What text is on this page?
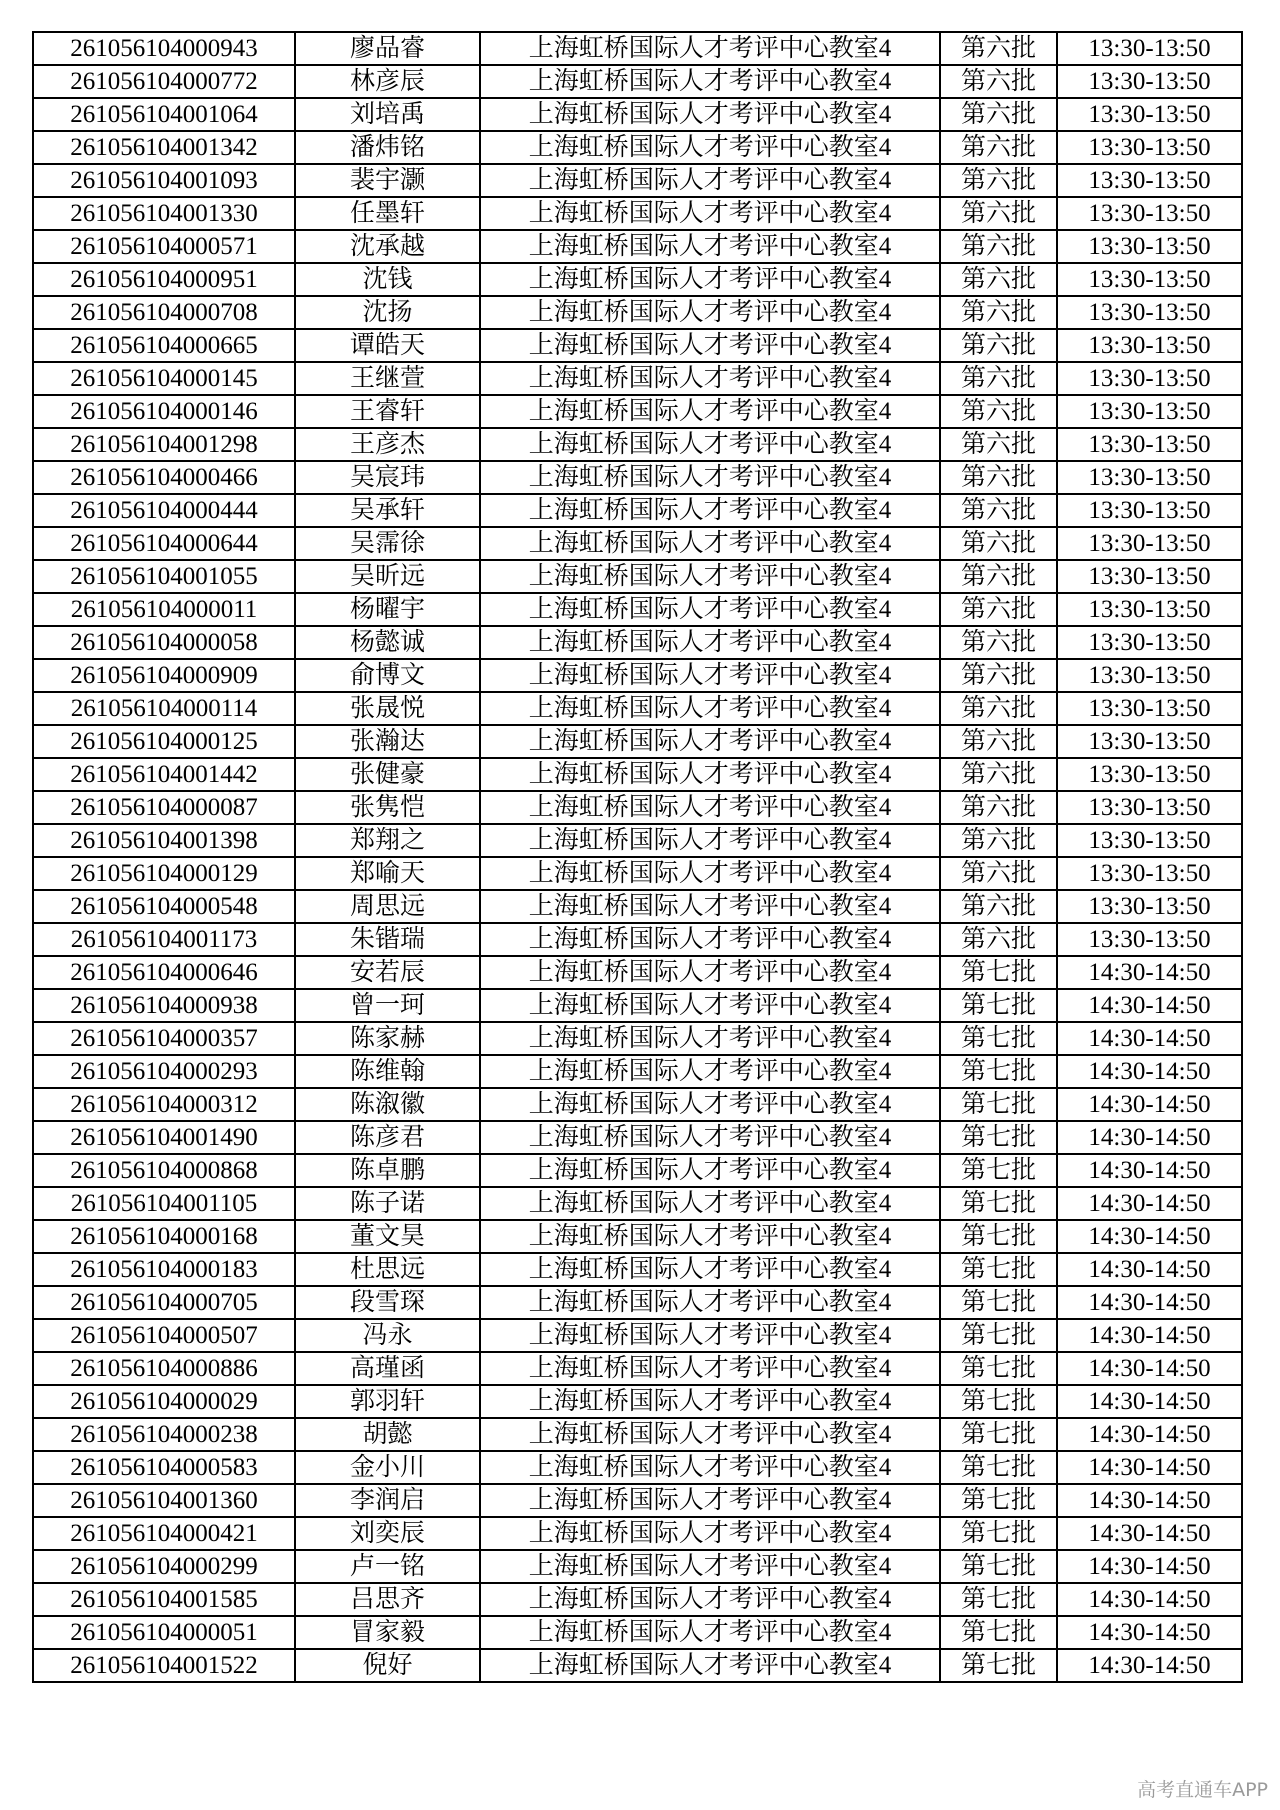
261056104000943	廖品睿	上海虹桥国际人才考评中心教室4	第六批	13:30-13:50
261056104000772	林彦辰	上海虹桥国际人才考评中心教室4	第六批	13:30-13:50
261056104001064	刘培禹	上海虹桥国际人才考评中心教室4	第六批	13:30-13:50
261056104001342	潘炜铭	上海虹桥国际人才考评中心教室4	第六批	13:30-13:50
261056104001093	裴宇灏	上海虹桥国际人才考评中心教室4	第六批	13:30-13:50
261056104001330	任墨轩	上海虹桥国际人才考评中心教室4	第六批	13:30-13:50
261056104000571	沈承越	上海虹桥国际人才考评中心教室4	第六批	13:30-13:50
261056104000951	沈钱	上海虹桥国际人才考评中心教室4	第六批	13:30-13:50
261056104000708	沈扬	上海虹桥国际人才考评中心教室4	第六批	13:30-13:50
261056104000665	谭皓天	上海虹桥国际人才考评中心教室4	第六批	13:30-13:50
261056104000145	王继萱	上海虹桥国际人才考评中心教室4	第六批	13:30-13:50
261056104000146	王睿轩	上海虹桥国际人才考评中心教室4	第六批	13:30-13:50
261056104001298	王彦杰	上海虹桥国际人才考评中心教室4	第六批	13:30-13:50
261056104000466	吴宸玮	上海虹桥国际人才考评中心教室4	第六批	13:30-13:50
261056104000444	吴承轩	上海虹桥国际人才考评中心教室4	第六批	13:30-13:50
261056104000644	吴霈徐	上海虹桥国际人才考评中心教室4	第六批	13:30-13:50
261056104001055	吴昕远	上海虹桥国际人才考评中心教室4	第六批	13:30-13:50
261056104000011	杨曜宇	上海虹桥国际人才考评中心教室4	第六批	13:30-13:50
261056104000058	杨懿诚	上海虹桥国际人才考评中心教室4	第六批	13:30-13:50
261056104000909	俞博文	上海虹桥国际人才考评中心教室4	第六批	13:30-13:50
261056104000114	张晟悦	上海虹桥国际人才考评中心教室4	第六批	13:30-13:50
261056104000125	张瀚达	上海虹桥国际人才考评中心教室4	第六批	13:30-13:50
261056104001442	张健豪	上海虹桥国际人才考评中心教室4	第六批	13:30-13:50
261056104000087	张隽恺	上海虹桥国际人才考评中心教室4	第六批	13:30-13:50
261056104001398	郑翔之	上海虹桥国际人才考评中心教室4	第六批	13:30-13:50
261056104000129	郑喻天	上海虹桥国际人才考评中心教室4	第六批	13:30-13:50
261056104000548	周思远	上海虹桥国际人才考评中心教室4	第六批	13:30-13:50
261056104001173	朱锴瑞	上海虹桥国际人才考评中心教室4	第六批	13:30-13:50
261056104000646	安若辰	上海虹桥国际人才考评中心教室4	第七批	14:30-14:50
261056104000938	曾一珂	上海虹桥国际人才考评中心教室4	第七批	14:30-14:50
261056104000357	陈家赫	上海虹桥国际人才考评中心教室4	第七批	14:30-14:50
261056104000293	陈维翰	上海虹桥国际人才考评中心教室4	第七批	14:30-14:50
261056104000312	陈溆徽	上海虹桥国际人才考评中心教室4	第七批	14:30-14:50
261056104001490	陈彦君	上海虹桥国际人才考评中心教室4	第七批	14:30-14:50
261056104000868	陈卓鹏	上海虹桥国际人才考评中心教室4	第七批	14:30-14:50
261056104001105	陈子诺	上海虹桥国际人才考评中心教室4	第七批	14:30-14:50
261056104000168	董文昊	上海虹桥国际人才考评中心教室4	第七批	14:30-14:50
261056104000183	杜思远	上海虹桥国际人才考评中心教室4	第七批	14:30-14:50
261056104000705	段雪琛	上海虹桥国际人才考评中心教室4	第七批	14:30-14:50
261056104000507	冯永	上海虹桥国际人才考评中心教室4	第七批	14:30-14:50
261056104000886	高瑾函	上海虹桥国际人才考评中心教室4	第七批	14:30-14:50
261056104000029	郭羽轩	上海虹桥国际人才考评中心教室4	第七批	14:30-14:50
261056104000238	胡懿	上海虹桥国际人才考评中心教室4	第七批	14:30-14:50
261056104000583	金小川	上海虹桥国际人才考评中心教室4	第七批	14:30-14:50
261056104001360	李润启	上海虹桥国际人才考评中心教室4	第七批	14:30-14:50
261056104000421	刘奕辰	上海虹桥国际人才考评中心教室4	第七批	14:30-14:50
261056104000299	卢一铭	上海虹桥国际人才考评中心教室4	第七批	14:30-14:50
261056104001585	吕思齐	上海虹桥国际人才考评中心教室4	第七批	14:30-14:50
261056104000051	冒家毅	上海虹桥国际人才考评中心教室4	第七批	14:30-14:50
261056104001522	倪好	上海虹桥国际人才考评中心教室4	第七批	14:30-14:50
高考直通车APP
